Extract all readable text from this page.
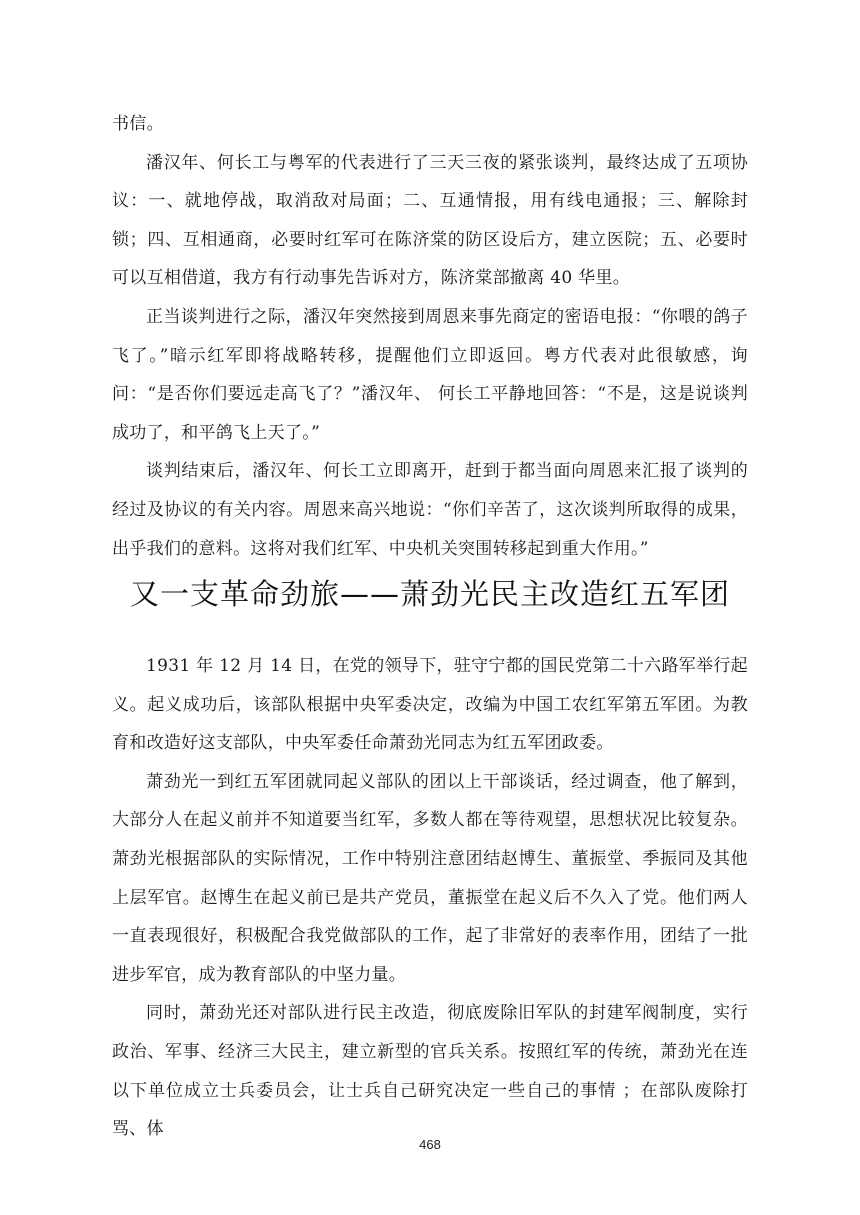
书信。

潘汉年、何长工与粤军的代表进行了三天三夜的紧张谈判，最终达成了五项协议：一、就地停战，取消敌对局面；二、互通情报，用有线电通报；三、解除封锁；四、互相通商，必要时红军可在陈济棠的防区设后方，建立医院；五、必要时可以互相借道，我方有行动事先告诉对方，陈济棠部撤离 40 华里。

正当谈判进行之际，潘汉年突然接到周恩来事先商定的密语电报：“你喂的鸽子飞了。”暗示红军即将战略转移，提醒他们立即返回。粤方代表对此很敏感，询问：“是否你们要远走高飞了？”潘汉年、 何长工平静地回答：“不是，这是说谈判成功了，和平鸽飞上天了。”

谈判结束后，潘汉年、何长工立即离开，赶到于都当面向周恩来汇报了谈判的经过及协议的有关内容。周恩来高兴地说：“你们辛苦了，这次谈判所取得的成果，出乎我们的意料。这将对我们红军、中央机关突围转移起到重大作用。”

又一支革命劲旅——萧劲光民主改造红五军团

1931 年 12 月 14 日，在党的领导下，驻守宁都的国民党第二十六路军举行起义。起义成功后，该部队根据中央军委决定，改编为中国工农红军第五军团。为教育和改造好这支部队，中央军委任命萧劲光同志为红五军团政委。

萧劲光一到红五军团就同起义部队的团以上干部谈话，经过调查，他了解到，大部分人在起义前并不知道要当红军，多数人都在等待观望，思想状况比较复杂。萧劲光根据部队的实际情况，工作中特别注意团结赵博生、董振堂、季振同及其他上层军官。赵博生在起义前已是共产党员，董振堂在起义后不久入了党。他们两人一直表现很好，积极配合我党做部队的工作，起了非常好的表率作用，团结了一批进步军官，成为教育部队的中坚力量。

同时，萧劲光还对部队进行民主改造，彻底废除旧军队的封建军阀制度，实行政治、军事、经济三大民主，建立新型的官兵关系。按照红军的传统，萧劲光在连以下单位成立士兵委员会，让士兵自己研究决定一些自己的事情 ；在部队废除打骂、体

468
